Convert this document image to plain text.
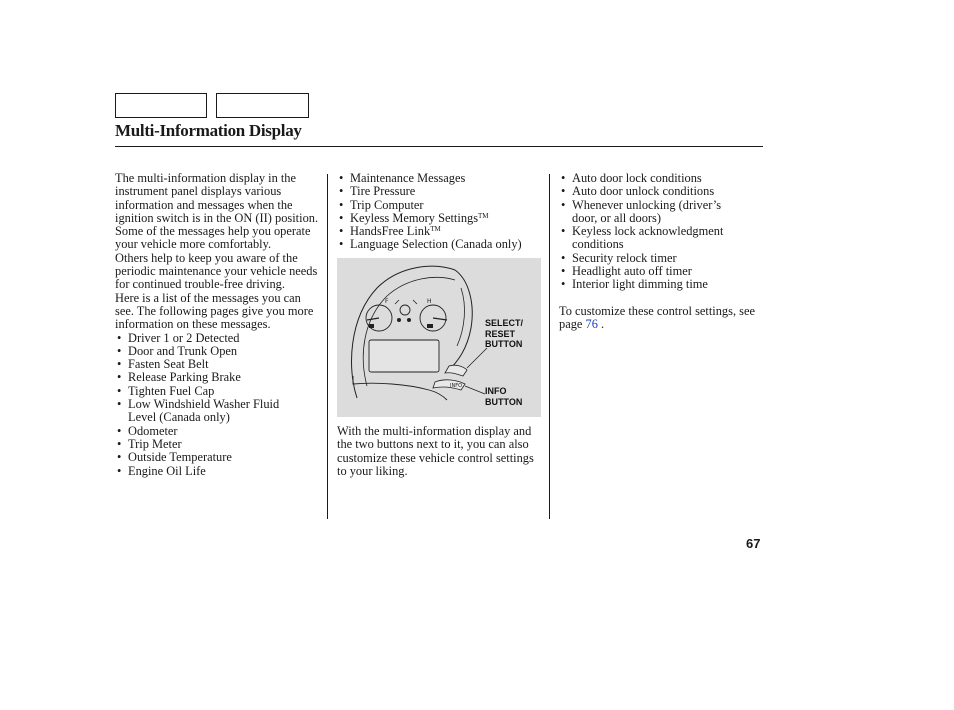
Multi-Information Display

The multi-information display in the instrument panel displays various information and messages when the ignition switch is in the ON (II) position. Some of the messages help you operate your vehicle more comfortably.

Others help to keep you aware of the periodic maintenance your vehicle needs for continued trouble-free driving.

Here is a list of the messages you can see. The following pages give you more information on these messages.

• Driver 1 or 2 Detected
• Door and Trunk Open
• Fasten Seat Belt
• Release Parking Brake
• Tighten Fuel Cap
• Low Windshield Washer Fluid
Level (Canada only)
• Odometer
• Trip Meter
• Outside Temperature
• Engine Oil Life
• Maintenance Messages
• Tire Pressure
• Trip Computer
• Keyless Memory Settings™
• HandsFree Link™
• Language Selection (Canada only)
F	H
INFO
SELECT/
RESET
BUTTON
INFO
BUTTON

With the multi-information display and the two buttons next to it, you can also customize these vehicle control settings to your liking.

• Auto door lock conditions
• Auto door unlock conditions
• Whenever unlocking (driver’s
door, or all doors)
• Keyless lock acknowledgment
conditions
• Security relock timer
• Headlight auto off timer
• Interior light dimming time

To customize these control settings, see page 76 .

67
